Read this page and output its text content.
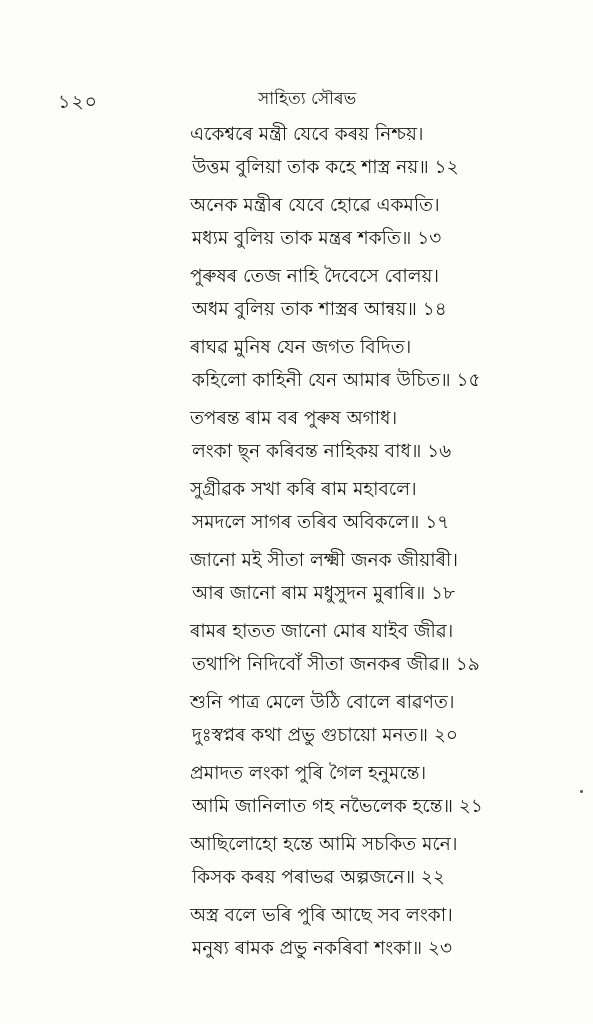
১২০	সাহিত্য সৌৰভ
একেশ্বৰে মন্ত্ৰী যেবে কৰয় নিশ্চয়।
উত্তম বুলিয়া তাক কহে শাস্ত্ৰ নয়॥ ১২
অনেক মন্ত্ৰীৰ যেবে হোৱে একমতি।
মধ্যম বুলিয় তাক মন্ত্ৰৰ শকতি॥ ১৩
পুৰুষৰ তেজ নাহি দৈবেসে বোলয়।
অধম বুলিয় তাক শাস্ত্ৰৰ আন্বয়॥ ১৪
ৰাঘৱ মুনিষ যেন জগত বিদিত।
কহিলো কাহিনী যেন আমাৰ উচিত॥ ১৫
তপৰন্ত ৰাম বৰ পুৰুষ অগাধ।
লংকা ছ্ন কৰিবন্ত নাহিকয় বাধ॥ ১৬
সুগ্ৰীৱক সখা কৰি ৰাম মহাবলে।
সমদলে সাগৰ তৰিব অবিকলে॥ ১৭
জানো মই সীতা লক্ষ্মী জনক জীয়াৰী।
আৰ জানো ৰাম মধুসুদন মুৰাৰি॥ ১৮
ৰামৰ হাতত জানো মোৰ যাইব জীৱ।
তথাপি নিদিবোঁ সীতা জনকৰ জীৱ॥ ১৯
শুনি পাত্ৰ মেলে উঠি বোলে ৰাৱণত।
দুঃস্বপ্নৰ কথা প্ৰভু গুচায়ো মনত॥ ২০
প্ৰমাদত লংকা পুৰি গৈল হনুমন্তে।
আমি জানিলাত গহ নভৈলেক হন্তে॥ ২১
আছিলোহো হন্তে আমি সচকিত মনে।
কিসক কৰয় পৰাভৱ অল্পজনে॥ ২২
অস্ত্ৰ বলে ভৰি পুৰি আছে সব লংকা।
মনুষ্য ৰামক প্ৰভু নকৰিবা শংকা॥ ২৩
